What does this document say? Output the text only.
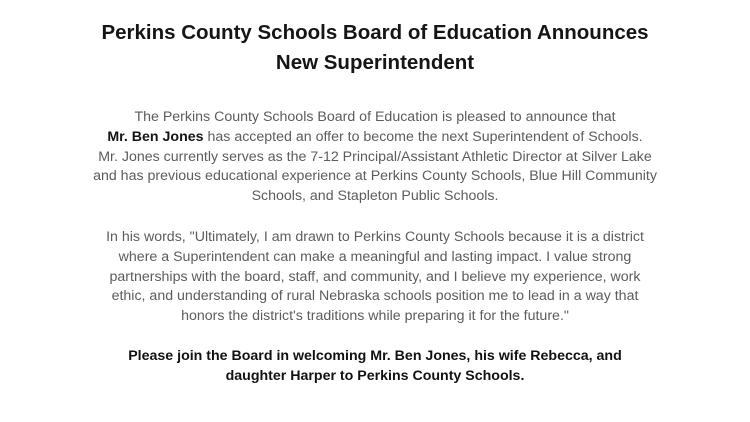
Perkins County Schools Board of Education Announces
New Superintendent

The Perkins County Schools Board of Education is pleased to announce that
Mr. Ben Jones has accepted an offer to become the next Superintendent of Schools.
Mr. Jones currently serves as the 7-12 Principal/Assistant Athletic Director at Silver Lake
and has previous educational experience at Perkins County Schools, Blue Hill Community
Schools, and Stapleton Public Schools.

In his words, "Ultimately, I am drawn to Perkins County Schools because it is a district
where a Superintendent can make a meaningful and lasting impact. I value strong
partnerships with the board, staff, and community, and I believe my experience, work
ethic, and understanding of rural Nebraska schools position me to lead in a way that
honors the district's traditions while preparing it for the future."

Please join the Board in welcoming Mr. Ben Jones, his wife Rebecca, and
daughter Harper to Perkins County Schools.
